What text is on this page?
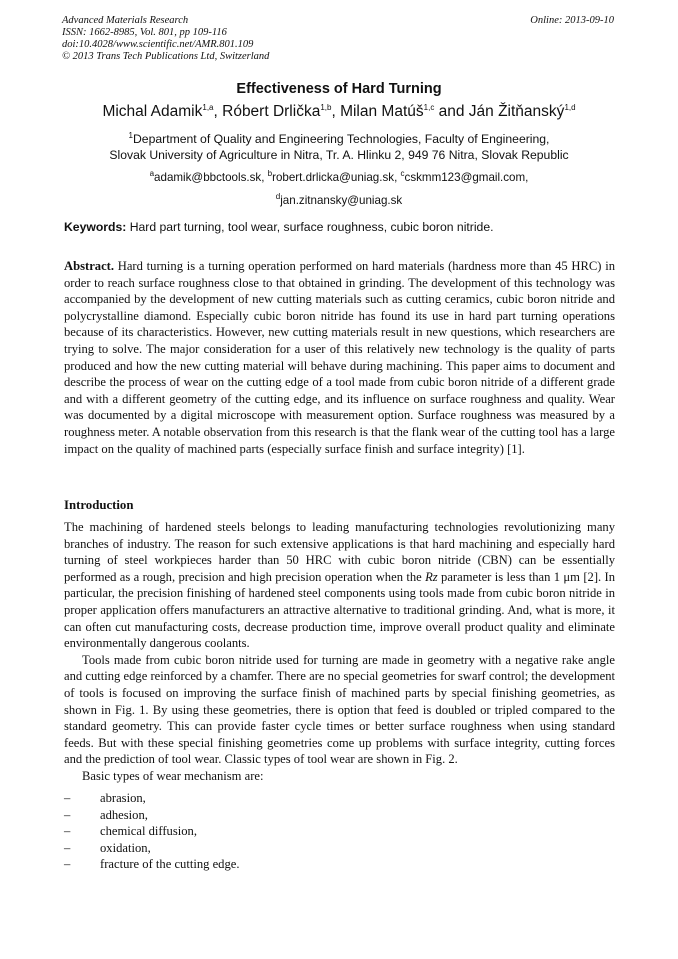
Advanced Materials Research
ISSN: 1662-8985, Vol. 801, pp 109-116
doi:10.4028/www.scientific.net/AMR.801.109
© 2013 Trans Tech Publications Ltd, Switzerland
Online: 2013-09-10
Effectiveness of Hard Turning
Michal Adamik$^{1,a}$, Róbert Drlička$^{1,b}$, Milan Matúš$^{1,c}$ and Ján Žitňanský$^{1,d}$
$^1$Department of Quality and Engineering Technologies, Faculty of Engineering,
Slovak University of Agriculture in Nitra, Tr. A. Hlinku 2, 949 76 Nitra, Slovak Republic
$^a$adamik@bbctools.sk, $^b$robert.drlicka@uniag.sk, $^c$cskmm123@gmail.com,
$^d$jan.zitnansky@uniag.sk
Keywords: Hard part turning, tool wear, surface roughness, cubic boron nitride.
Abstract. Hard turning is a turning operation performed on hard materials (hardness more than 45 HRC) in order to reach surface roughness close to that obtained in grinding. The development of this technology was accompanied by the development of new cutting materials such as cutting ceramics, cubic boron nitride and polycrystalline diamond. Especially cubic boron nitride has found its use in hard part turning operations because of its characteristics. However, new cutting materials result in new questions, which researchers are trying to solve. The major consideration for a user of this relatively new technology is the quality of parts produced and how the new cutting material will behave during machining. This paper aims to document and describe the process of wear on the cutting edge of a tool made from cubic boron nitride of a different grade and with a different geometry of the cutting edge, and its influence on surface roughness and quality. Wear was documented by a digital microscope with measurement option. Surface roughness was measured by a roughness meter. A notable observation from this research is that the flank wear of the cutting tool has a large impact on the quality of machined parts (especially surface finish and surface integrity) [1].
Introduction

The machining of hardened steels belongs to leading manufacturing technologies revolutionizing many branches of industry. The reason for such extensive applications is that hard machining and especially hard turning of steel workpieces harder than 50 HRC with cubic boron nitride (CBN) can be essentially performed as a rough, precision and high precision operation when the Rz parameter is less than 1 μm [2]. In particular, the precision finishing of hardened steel components using tools made from cubic boron nitride in proper application offers manufacturers an attractive alternative to traditional grinding. And, what is more, it can often cut manufacturing costs, decrease production time, improve overall product quality and eliminate environmentally dangerous coolants.

Tools made from cubic boron nitride used for turning are made in geometry with a negative rake angle and cutting edge reinforced by a chamfer. There are no special geometries for swarf control; the development of tools is focused on improving the surface finish of machined parts by special finishing geometries, as shown in Fig. 1. By using these geometries, there is option that feed is doubled or tripled compared to the standard geometry. This can provide faster cycle times or better surface roughness when using standard feeds. But with these special finishing geometries come up problems with surface integrity, cutting forces and the prediction of tool wear. Classic types of tool wear are shown in Fig. 2.

Basic types of wear mechanism are:

– abrasion,
– adhesion,
– chemical diffusion,
– oxidation,
– fracture of the cutting edge.
